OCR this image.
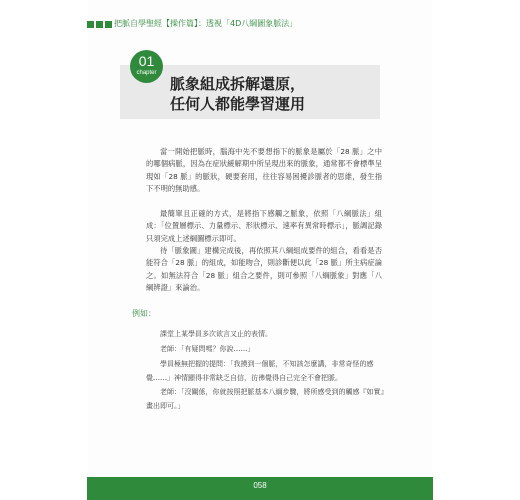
把脈自學聖經【操作篇】：透視「4D八綱圖象脈法」
01
chapter
脈象組成拆解還原，
任何人都能學習運用
當一開始把脈時，腦海中先不要想指下的脈象是屬於「28 脈」之中的哪個病脈，因為在症狀緩解期中所呈現出來的脈象，通常都不會標準呈現如「28 脈」的脈狀，硬要套用，往往容易困擾診脈者的思維，發生指下不明的無助感。
最簡單且正確的方式，是將指下感觸之脈象，依照「八綱脈法」組成：「位置層標示、力量標示、形狀標示、速率有異常時標示」，脈調記錄只須完成上述綱圖標示即可。
待「脈象圖」建構完成後，再依照其八綱組成要件的組合，看看是否能符合「28 脈」的組成，如能吻合，則診斷便以此「28 脈」所主病症論之。如無法符合「28 脈」組合之要件，則可參照「八綱脈象」對應「八綱辨證」來論治。
例如：
課堂上某學員多次欲言又止的表情。
老師：「有疑問嗎？你說……」
學員極無把握的提問：「我摸到一個脈，不知該怎麼講，非常奇怪的感覺……」神情顯得非常缺乏自信，彷彿覺得自己完全不會把脈。
老師：「沒關係，你就按照把脈基本八綱步驟，將所感受到的觸感『如實』畫出即可。」
058
